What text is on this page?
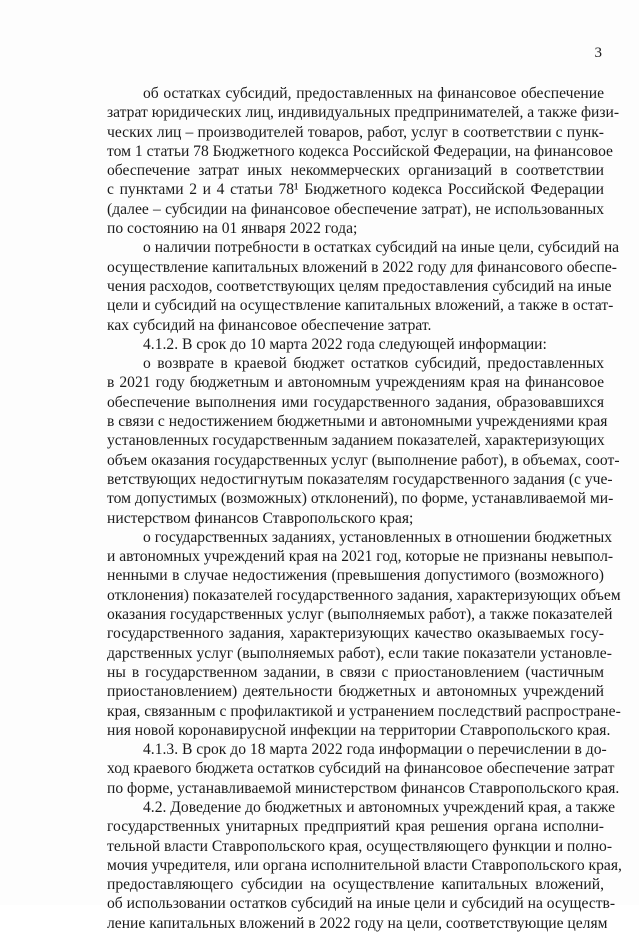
3
об остатках субсидий, предоставленных на финансовое обеспечение
затрат юридических лиц, индивидуальных предпринимателей, а также физи-
ческих лиц – производителей товаров, работ, услуг в соответствии с пунк-
том 1 статьи 78 Бюджетного кодекса Российской Федерации, на финансовое
обеспечение затрат иных некоммерческих организаций в соответствии
с пунктами 2 и 4 статьи 78¹ Бюджетного кодекса Российской Федерации
(далее – субсидии на финансовое обеспечение затрат), не использованных
по состоянию на 01 января 2022 года;
о наличии потребности в остатках субсидий на иные цели, субсидий на
осуществление капитальных вложений в 2022 году для финансового обеспе-
чения расходов, соответствующих целям предоставления субсидий на иные
цели и субсидий на осуществление капитальных вложений, а также в остат-
ках субсидий на финансовое обеспечение затрат.
4.1.2. В срок до 10 марта 2022 года следующей информации:
о возврате в краевой бюджет остатков субсидий, предоставленных
в 2021 году бюджетным и автономным учреждениям края на финансовое
обеспечение выполнения ими государственного задания, образовавшихся
в связи с недостижением бюджетными и автономными учреждениями края
установленных государственным заданием показателей, характеризующих
объем оказания государственных услуг (выполнение работ), в объемах, соот-
ветствующих недостигнутым показателям государственного задания (с уче-
том допустимых (возможных) отклонений), по форме, устанавливаемой ми-
нистерством финансов Ставропольского края;
о государственных заданиях, установленных в отношении бюджетных
и автономных учреждений края на 2021 год, которые не признаны невыпол-
ненными в случае недостижения (превышения допустимого (возможного)
отклонения) показателей государственного задания, характеризующих объем
оказания государственных услуг (выполняемых работ), а также показателей
государственного задания, характеризующих качество оказываемых госу-
дарственных услуг (выполняемых работ), если такие показатели установле-
ны в государственном задании, в связи с приостановлением (частичным
приостановлением) деятельности бюджетных и автономных учреждений
края, связанным с профилактикой и устранением последствий распростране-
ния новой коронавирусной инфекции на территории Ставропольского края.
4.1.3. В срок до 18 марта 2022 года информации о перечислении в до-
ход краевого бюджета остатков субсидий на финансовое обеспечение затрат
по форме, устанавливаемой министерством финансов Ставропольского края.
4.2. Доведение до бюджетных и автономных учреждений края, а также
государственных унитарных предприятий края решения органа исполни-
тельной власти Ставропольского края, осуществляющего функции и полно-
мочия учредителя, или органа исполнительной власти Ставропольского края,
предоставляющего субсидии на осуществление капитальных вложений,
об использовании остатков субсидий на иные цели и субсидий на осуществ-
ление капитальных вложений в 2022 году на цели, соответствующие целям
